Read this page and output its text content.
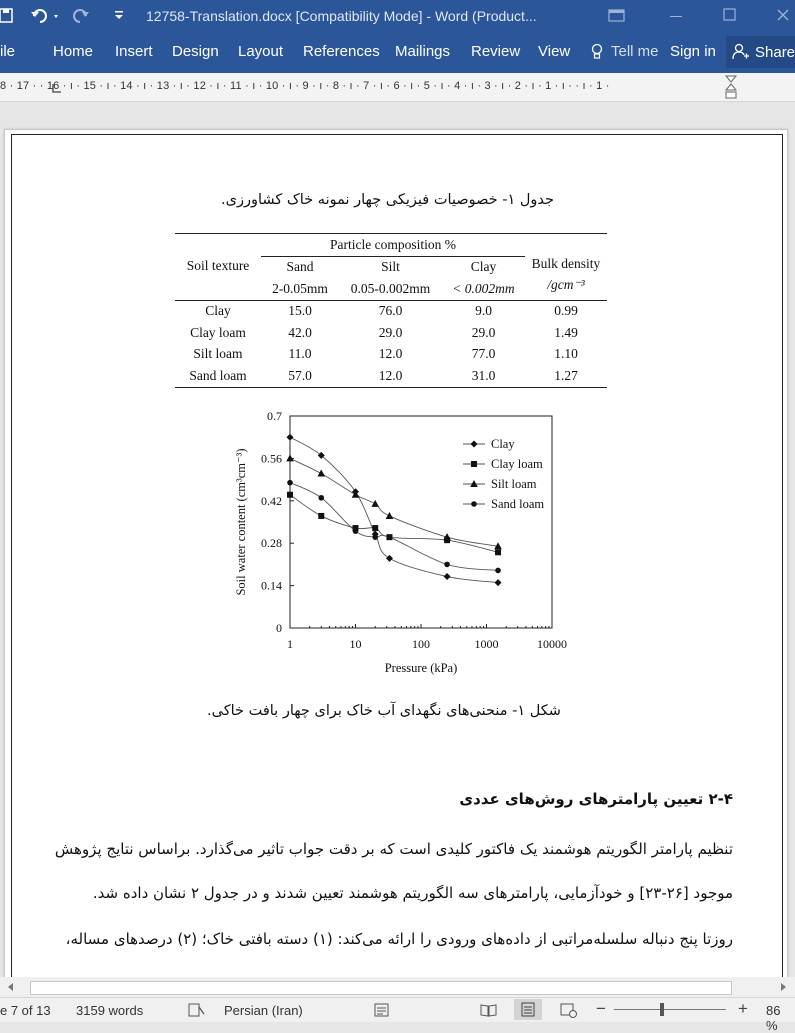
12758-Translation.docx [Compatibility Mode] - Word (Product...
ile	Home Insert Design Layout References Mailings Review View	Tell me Sign in	Share
8 · 17 · · 16 · ı · 15 · ı · 14 · ı · 13 · ı · 12 · ı · 11 · ı · 10 · ı · 9 · ı · 8 · ı · 7 · ı · 6 · ı · 5 · ı · 4 · ı · 3 · ı · 2 · ı · 1 · ı · · ı · 1 ·
جدول ۱- خصوصیات فیزیکی چهار نمونه خاک کشاورزی.
Soil texture	Particle composition %			Bulk density
/gcm⁻³

	Sand	Silt	Clay	
	2-0.05mm	0.05-0.002mm	< 0.002mm	
Clay	15.0	76.0	9.0	0.99
Clay loam	42.0	29.0	29.0	1.49
Silt loam	11.0	12.0	77.0	1.10
Sand loam	57.0	12.0	31.0	1.27
1	10	100	1000	10000
0
0.14
0.28
0.42
0.56
0.7
Pressure (kPa)
Soil water content (cm³cm⁻³)
Clay
Clay loam
Silt loam
Sand loam
شکل ۱- منحنی‌های نگهدای آب خاک برای چهار بافت خاکی.
۲-۴ تعیین پارامترهای روش‌های عددی
تنظیم پارامتر الگوریتم هوشمند یک فاکتور کلیدی است که بر دقت جواب تاثیر می‌گذارد. براساس نتایج پژوهش
موجود [۲۶-۲۳] و خودآزمایی، پارامترهای سه الگوریتم هوشمند تعیین شدند و در جدول ۲ نشان داده شد.
روزتا پنج دنباله سلسله‌مراتبی از داده‌های ورودی را ارائه می‌کند: (۱) دسته بافتی خاک؛ (۲) درصدهای مساله،
e 7 of 13 3159 words	Persian (Iran)	−	+ 86 %
